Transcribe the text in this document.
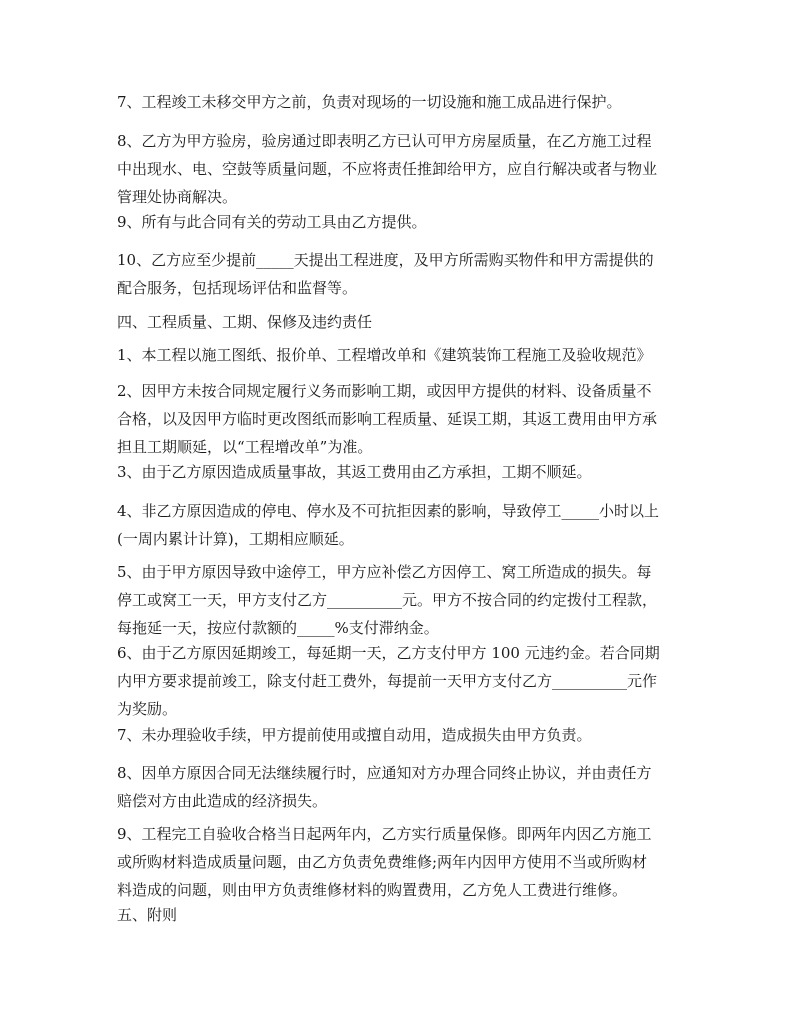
7、工程竣工未移交甲方之前，负责对现场的一切设施和施工成品进行保护。

8、乙方为甲方验房，验房通过即表明乙方已认可甲方房屋质量，在乙方施工过程
中出现水、电、空鼓等质量问题，不应将责任推卸给甲方，应自行解决或者与物业
管理处协商解决。

9、所有与此合同有关的劳动工具由乙方提供。

10、乙方应至少提前_____天提出工程进度，及甲方所需购买物件和甲方需提供的
配合服务，包括现场评估和监督等。

四、工程质量、工期、保修及违约责任

1、本工程以施工图纸、报价单、工程增改单和《建筑装饰工程施工及验收规范》

2、因甲方未按合同规定履行义务而影响工期，或因甲方提供的材料、设备质量不
合格，以及因甲方临时更改图纸而影响工程质量、延误工期，其返工费用由甲方承
担且工期顺延，以“工程增改单”为准。

3、由于乙方原因造成质量事故，其返工费用由乙方承担，工期不顺延。

4、非乙方原因造成的停电、停水及不可抗拒因素的影响，导致停工_____小时以上
(一周内累计计算)，工期相应顺延。

5、由于甲方原因导致中途停工，甲方应补偿乙方因停工、窝工所造成的损失。每
停工或窝工一天，甲方支付乙方__________元。甲方不按合同的约定拨付工程款，
每拖延一天，按应付款额的_____%支付滞纳金。

6、由于乙方原因延期竣工，每延期一天，乙方支付甲方 100 元违约金。若合同期
内甲方要求提前竣工，除支付赶工费外，每提前一天甲方支付乙方__________元作
为奖励。

7、未办理验收手续，甲方提前使用或擅自动用，造成损失由甲方负责。

8、因单方原因合同无法继续履行时，应通知对方办理合同终止协议，并由责任方
赔偿对方由此造成的经济损失。

9、工程完工自验收合格当日起两年内，乙方实行质量保修。即两年内因乙方施工
或所购材料造成质量问题，由乙方负责免费维修;两年内因甲方使用不当或所购材
料造成的问题，则由甲方负责维修材料的购置费用，乙方免人工费进行维修。

五、附则
